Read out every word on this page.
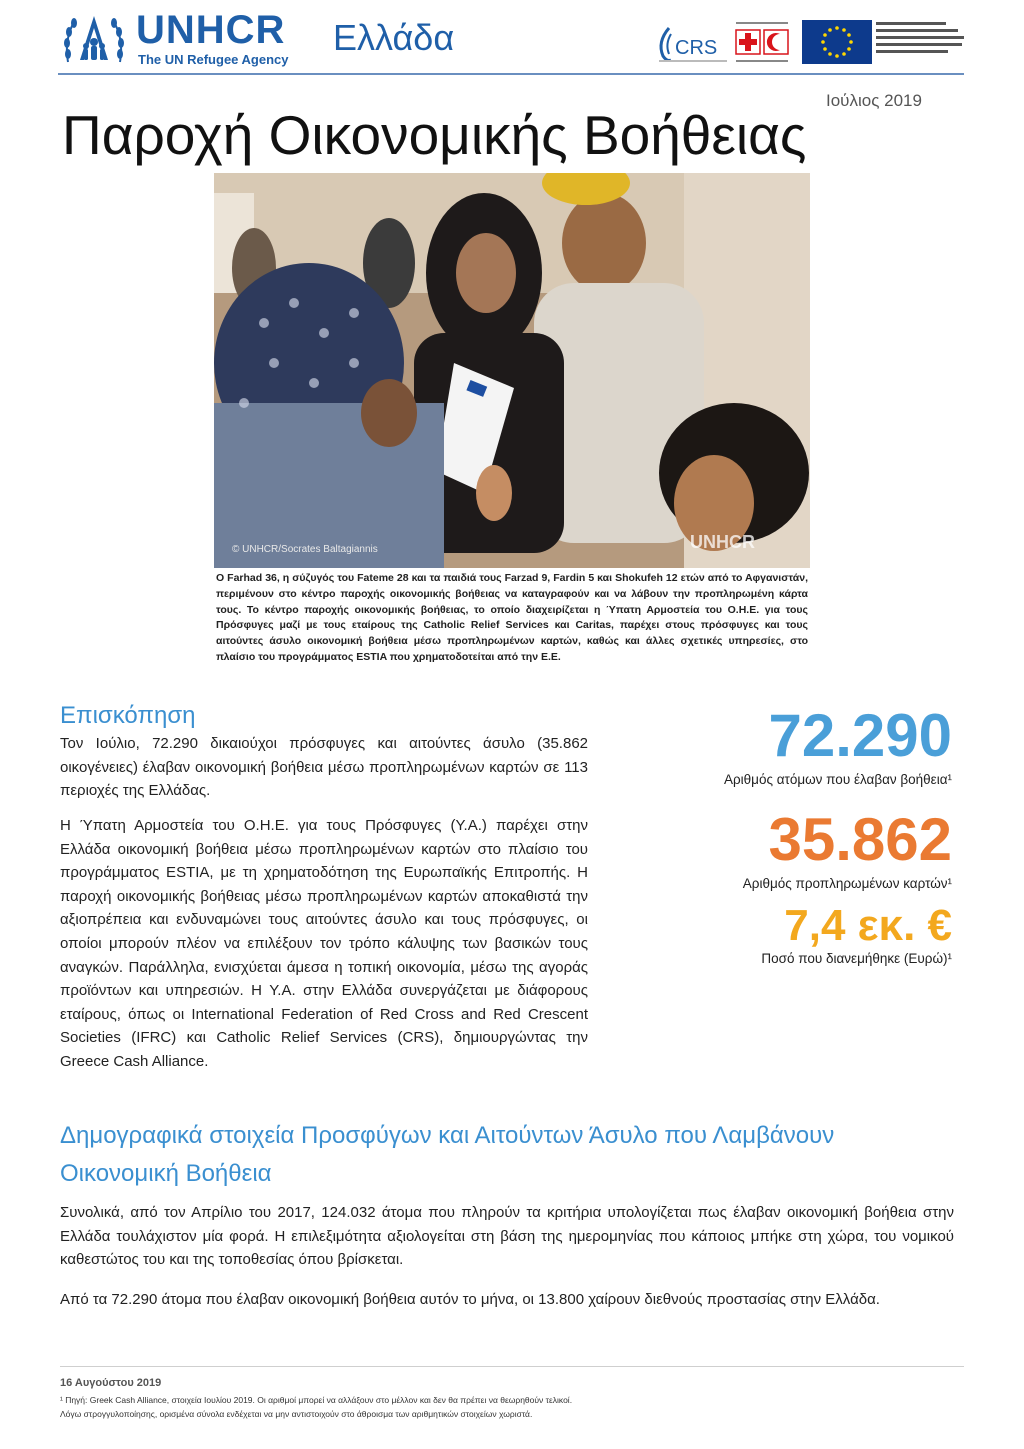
UNHCR
The UN Refugee Agency
Ελλάδα	CRS
Ιούλιος 2019
Παροχή Οικονομικής Βοήθειας
© UNHCR/Socrates Baltagiannis	UNHCR
Ο Farhad 36, η σύζυγός του Fateme 28 και τα παιδιά τους Farzad 9, Fardin 5 και Shokufeh 12 ετών από το Αφγανιστάν, περιμένουν στο κέντρο παροχής οικονομικής βοήθειας να καταγραφούν και να λάβουν την προπληρωμένη κάρτα τους. Το κέντρο παροχής οικονομικής βοήθειας, το οποίο διαχειρίζεται η Ύπατη Αρμοστεία του Ο.Η.Ε. για τους Πρόσφυγες μαζί με τους εταίρους της Catholic Relief Services και Caritas, παρέχει στους πρόσφυγες και τους αιτούντες άσυλο οικονομική βοήθεια μέσω προπληρωμένων καρτών, καθώς και άλλες σχετικές υπηρεσίες, στο πλαίσιο του προγράμματος ESTIA που χρηματοδοτείται από την Ε.Ε.
Επισκόπηση

Τον Ιούλιο, 72.290 δικαιούχοι πρόσφυγες και αιτούντες άσυλο (35.862 οικογένειες) έλαβαν οικονομική βοήθεια μέσω προπληρωμένων καρτών σε 113 περιοχές της Ελλάδας.

Η Ύπατη Αρμοστεία του Ο.Η.Ε. για τους Πρόσφυγες (Υ.Α.) παρέχει στην Ελλάδα οικονομική βοήθεια μέσω προπληρωμένων καρτών στο πλαίσιο του προγράμματος ESTIA, με τη χρηματοδότηση της Ευρωπαϊκής Επιτροπής. Η παροχή οικονομικής βοήθειας μέσω προπληρωμένων καρτών αποκαθιστά την αξιοπρέπεια και ενδυναμώνει τους αιτούντες άσυλο και τους πρόσφυγες, οι οποίοι μπορούν πλέον να επιλέξουν τον τρόπο κάλυψης των βασικών τους αναγκών. Παράλληλα, ενισχύεται άμεσα η τοπική οικονομία, μέσω της αγοράς προϊόντων και υπηρεσιών. Η Υ.Α. στην Ελλάδα συνεργάζεται με διάφορους εταίρους, όπως οι International Federation of Red Cross and Red Crescent Societies (IFRC) και Catholic Relief Services (CRS), δημιουργώντας την Greece Cash Alliance.

72.290
Αριθμός ατόμων που έλαβαν βοήθεια¹
35.862
Αριθμός προπληρωμένων καρτών¹
7,4 εκ. €
Ποσό που διανεμήθηκε (Ευρώ)¹
Δημογραφικά στοιχεία Προσφύγων και Αιτούντων Άσυλο που Λαμβάνουν Οικονομική Βοήθεια

Συνολικά, από τον Απρίλιο του 2017, 124.032 άτομα που πληρούν τα κριτήρια υπολογίζεται πως έλαβαν οικονομική βοήθεια στην Ελλάδα τουλάχιστον μία φορά. Η επιλεξιμότητα αξιολογείται στη βάση της ημερομηνίας που κάποιος μπήκε στη χώρα, του νομικού καθεστώτος του και της τοποθεσίας όπου βρίσκεται.

Από τα 72.290 άτομα που έλαβαν οικονομική βοήθεια αυτόν το μήνα, οι 13.800 χαίρουν διεθνούς προστασίας στην Ελλάδα.

16 Αυγούστου 2019
¹ Πηγή: Greek Cash Alliance, στοιχεία Ιουλίου 2019. Οι αριθμοί μπορεί να αλλάξουν στο μέλλον και δεν θα πρέπει να θεωρηθούν τελικοί.
Λόγω στρογγυλοποίησης, ορισμένα σύνολα ενδέχεται να μην αντιστοιχούν στο άθροισμα των αριθμητικών στοιχείων χωριστά.
